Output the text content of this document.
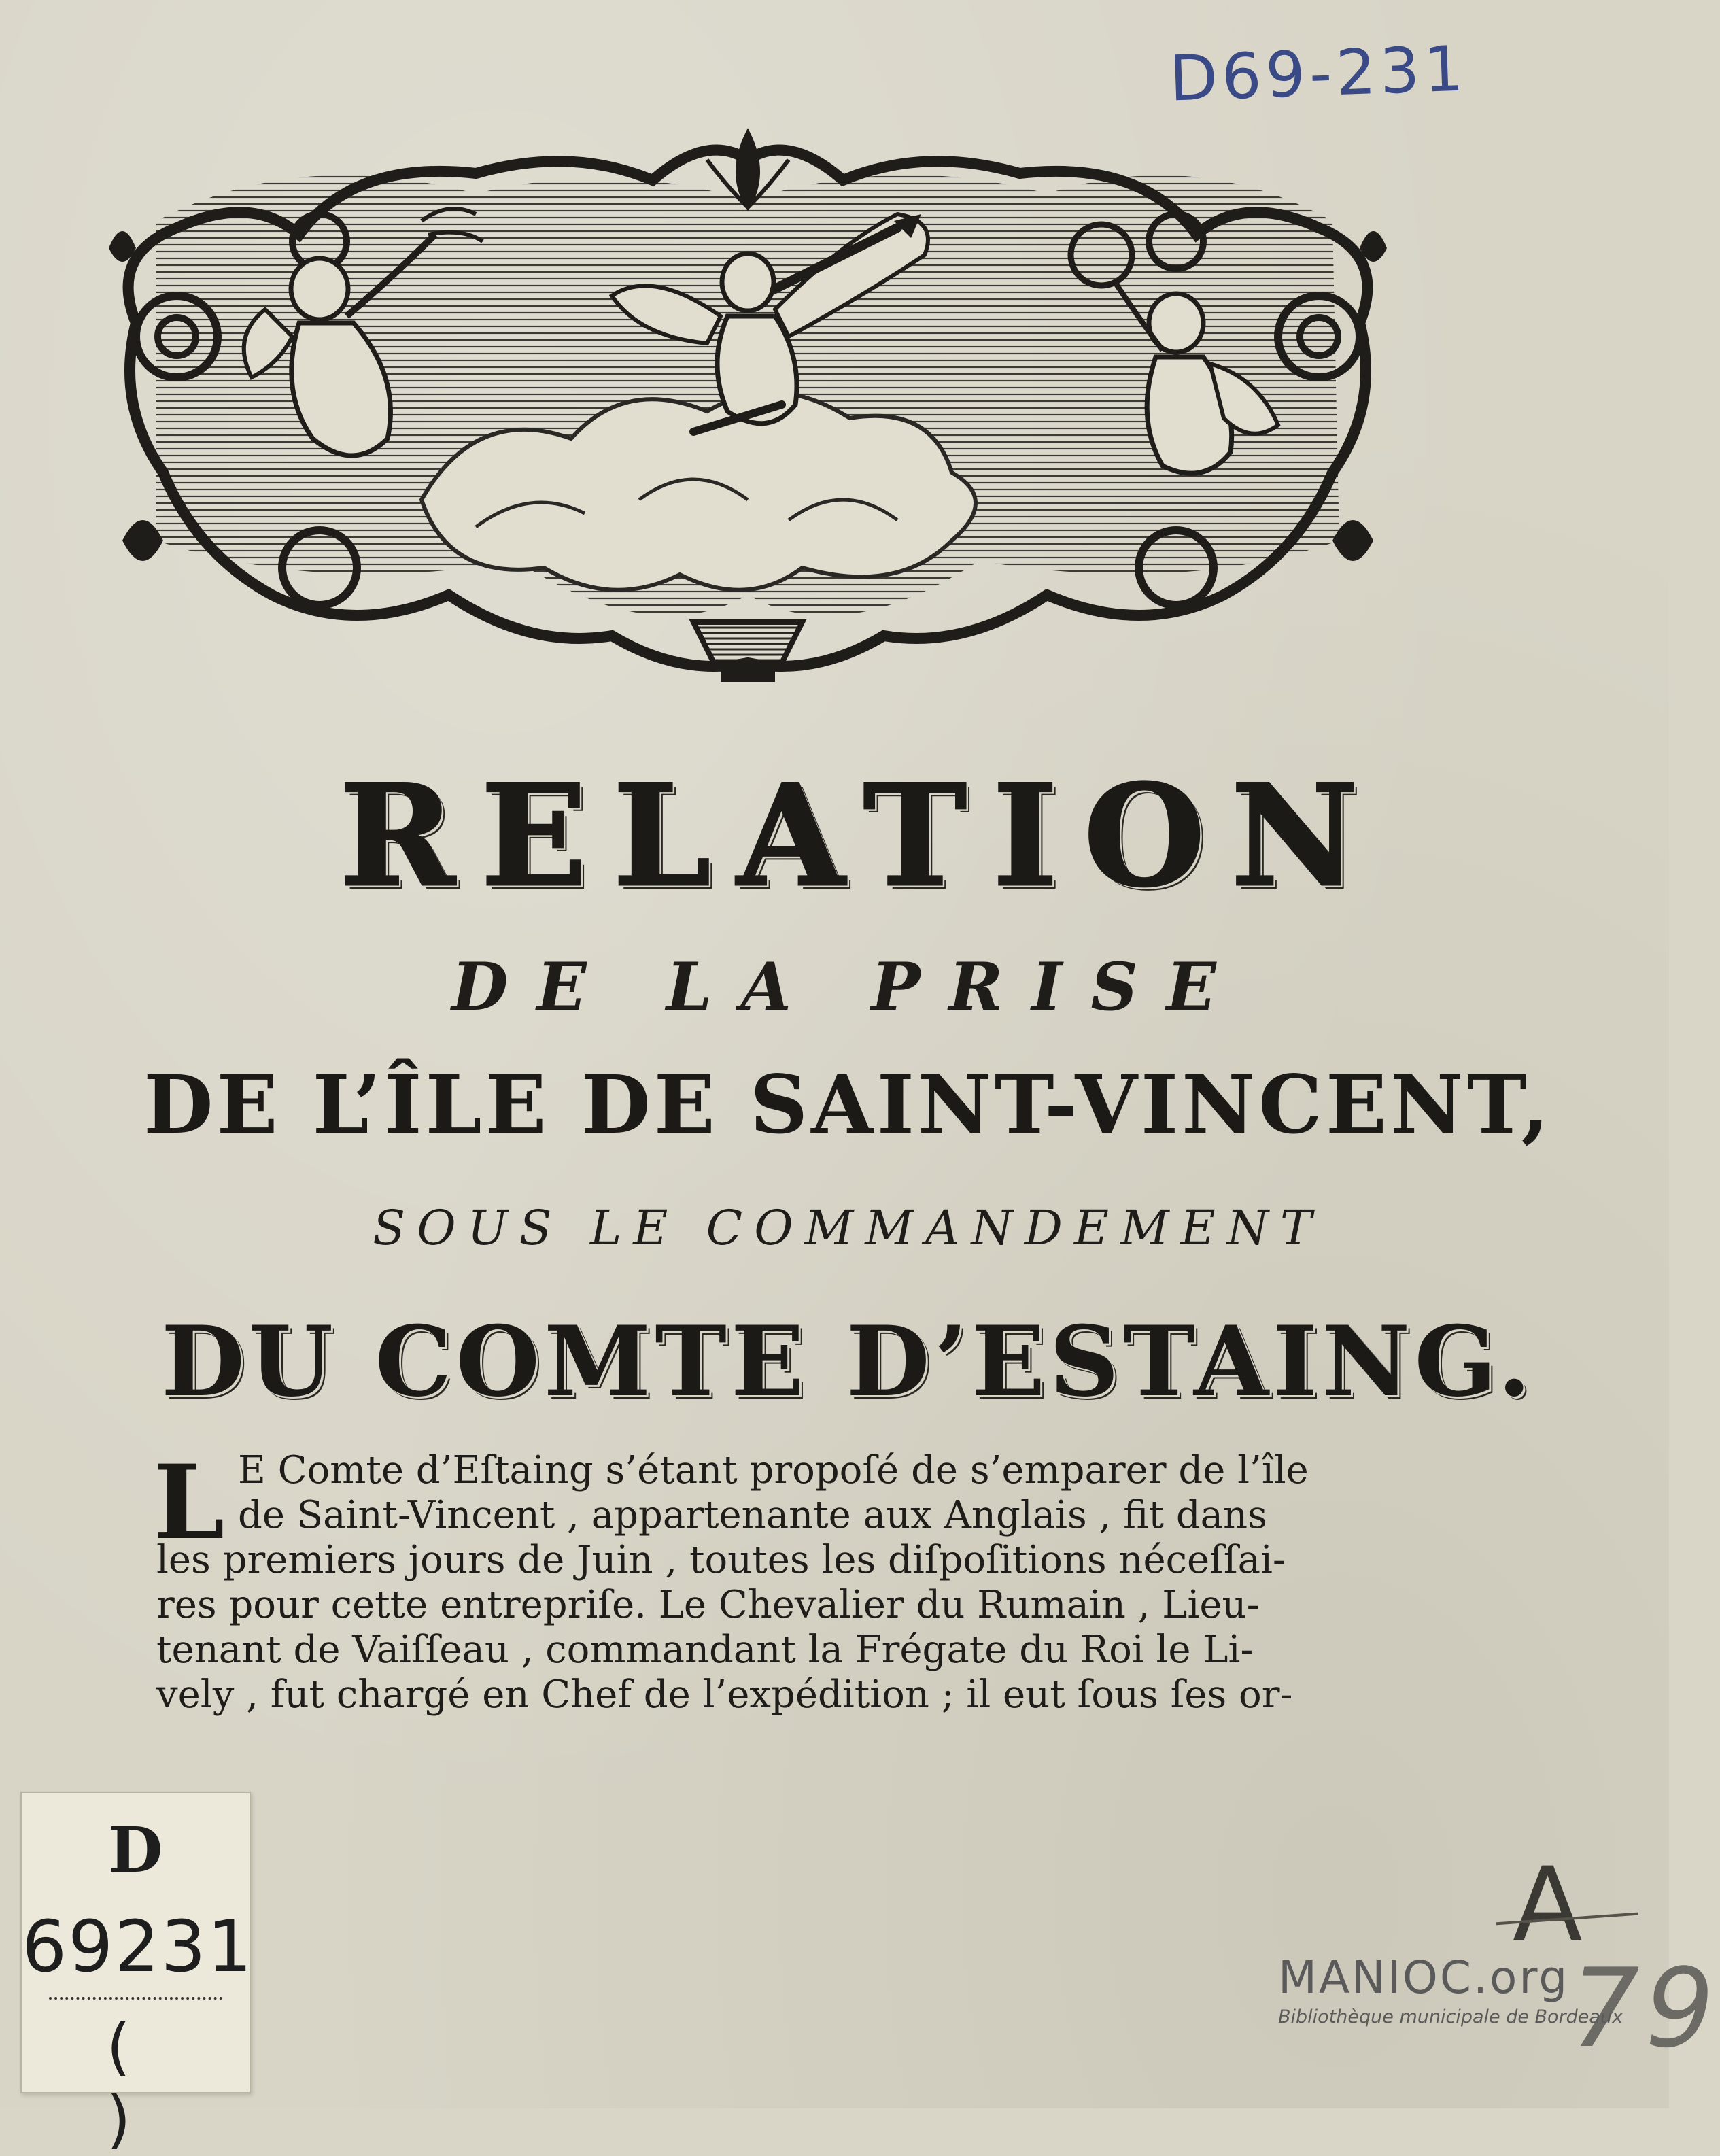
D69-231
RELATION
DE LA PRISE
DE L’ÎLE DE SAINT-VINCENT,
SOUS LE COMMANDEMENT
DU COMTE D’ESTAING.
L E Comte d’Eſtaing s’étant propoſé de s’emparer de l’île
de Saint-Vincent , appartenante aux Anglais , fit dans
les premiers jours de Juin , toutes les diſpoſitions néceſſai-
res pour cette entrepriſe. Le Chevalier du Rumain , Lieu-
tenant de Vaiſſeau , commandant la Frégate du Roi le Li-
vely , fut chargé en Chef de l’expédition ; il eut ſous ſes or-
D
69231
( )
A
79
MANIOC.org
Bibliothèque municipale de Bordeaux
